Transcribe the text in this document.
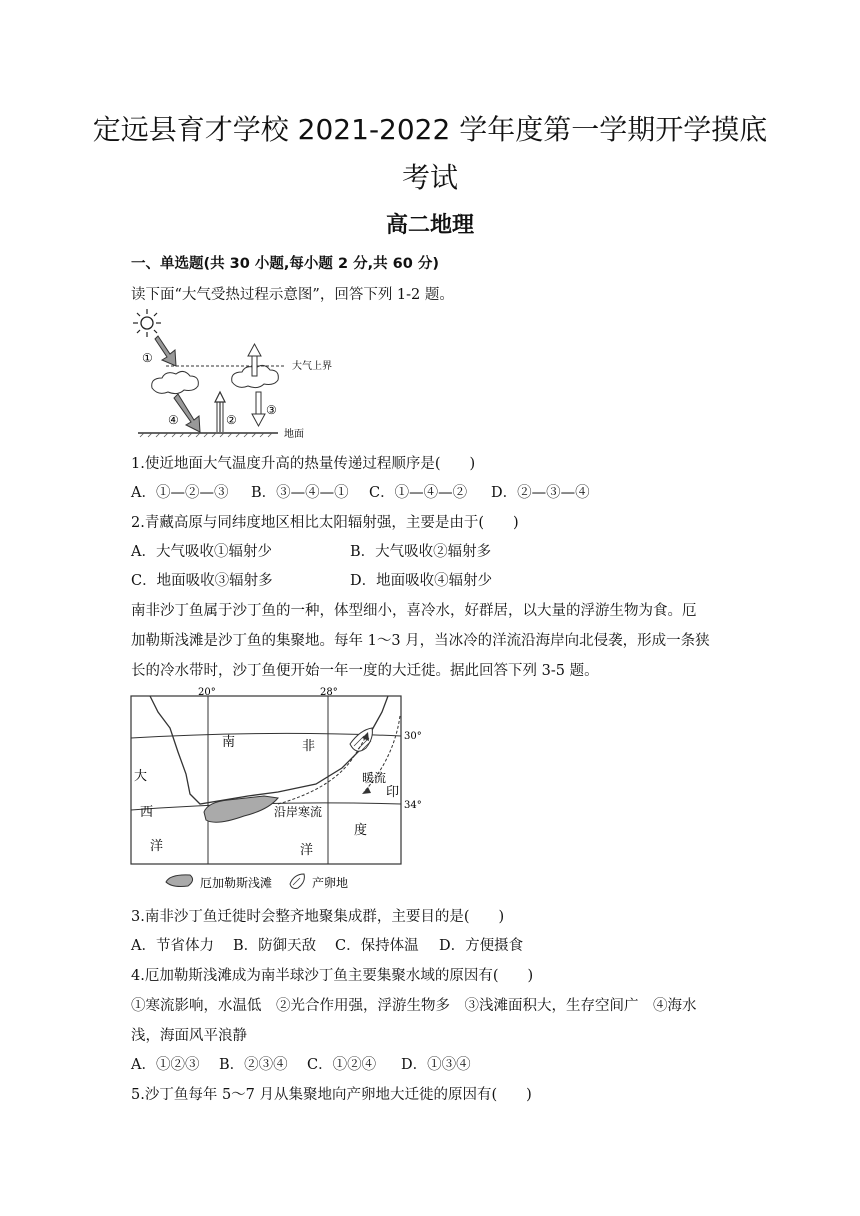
定远县育才学校 2021-2022 学年度第一学期开学摸底
考试
高二地理
一、单选题(共 30 小题,每小题 2 分,共 60 分)
读下面“大气受热过程示意图”，回答下列 1-2 题。
大气上界
①
④	②
③
地面
1.使近地面大气温度升高的热量传递过程顺序是(　　)
A．①—②—③ B．③—④—① C．①—④—② D．②—③—④
2.青藏高原与同纬度地区相比太阳辐射强，主要是由于(　　)
A．大气吸收①辐射少	B．大气吸收②辐射多
C．地面吸收③辐射多	D．地面吸收④辐射少
南非沙丁鱼属于沙丁鱼的一种，体型细小，喜冷水，好群居，以大量的浮游生物为食。厄
加勒斯浅滩是沙丁鱼的集聚地。每年 1～3 月，当冰冷的洋流沿海岸向北侵袭，形成一条狭
长的冷水带时，沙丁鱼便开始一年一度的大迁徙。据此回答下列 3-5 题。
20°	28°
30°
34°
南	非
大
西
洋	洋
度
印
暖流
沿岸寒流
厄加勒斯浅滩	产卵地
3.南非沙丁鱼迁徙时会整齐地聚集成群，主要目的是(　　)
A．节省体力 B．防御天敌 C．保持体温 D．方便摄食
4.厄加勒斯浅滩成为南半球沙丁鱼主要集聚水域的原因有(　　)
①寒流影响，水温低　②光合作用强，浮游生物多　③浅滩面积大，生存空间广　④海水
浅，海面风平浪静
A．①②③ B．②③④ C．①②④ D．①③④
5.沙丁鱼每年 5～7 月从集聚地向产卵地大迁徙的原因有(　　)
